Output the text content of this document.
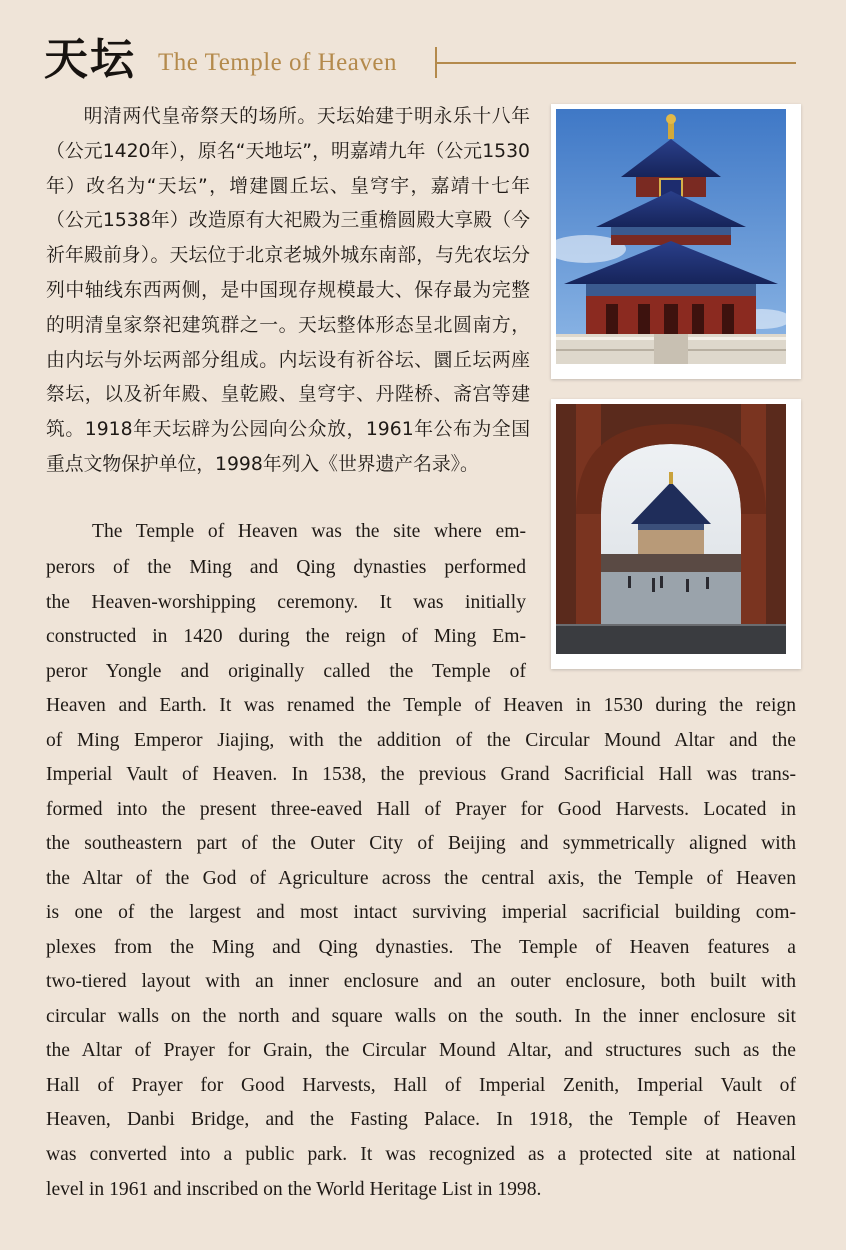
天坛 The Temple of Heaven

明清两代皇帝祭天的场所。天坛始建于明永乐十八年（公元1420年），原名“天地坛”，明嘉靖九年（公元1530年）改名为“天坛”，增建圜丘坛、皇穹宇，嘉靖十七年（公元1538年）改造原有大祀殿为三重檐圆殿大享殿（今祈年殿前身）。天坛位于北京老城外城东南部，与先农坛分列中轴线东西两侧，是中国现存规模最大、保存最为完整的明清皇家祭祀建筑群之一。天坛整体形态呈北圆南方，由内坛与外坛两部分组成。内坛设有祈谷坛、圜丘坛两座祭坛，以及祈年殿、皇乾殿、皇穹宇、丹陛桥、斋宫等建筑。1918年天坛辟为公园向公众放，1961年公布为全国重点文物保护单位，1998年列入《世界遗产名录》。

The Temple of Heaven was the site where em-

perors of the Ming and Qing dynasties performed

the Heaven-worshipping ceremony. It was initially

constructed in 1420 during the reign of Ming Em-

peror Yongle and originally called the Temple of

Heaven and Earth. It was renamed the Temple of Heaven in 1530 during the reign

of Ming Emperor Jiajing, with the addition of the Circular Mound Altar and the

Imperial Vault of Heaven. In 1538, the previous Grand Sacrificial Hall was trans-

formed into the present three-eaved Hall of Prayer for Good Harvests. Located in

the southeastern part of the Outer City of Beijing and symmetrically aligned with

the Altar of the God of Agriculture across the central axis, the Temple of Heaven

is one of the largest and most intact surviving imperial sacrificial building com-

plexes from the Ming and Qing dynasties. The Temple of Heaven features a

two-tiered layout with an inner enclosure and an outer enclosure, both built with

circular walls on the north and square walls on the south. In the inner enclosure sit

the Altar of Prayer for Grain, the Circular Mound Altar, and structures such as the

Hall of Prayer for Good Harvests, Hall of Imperial Zenith, Imperial Vault of

Heaven, Danbi Bridge, and the Fasting Palace. In 1918, the Temple of Heaven

was converted into a public park. It was recognized as a protected site at national

level in 1961 and inscribed on the World Heritage List in 1998.
